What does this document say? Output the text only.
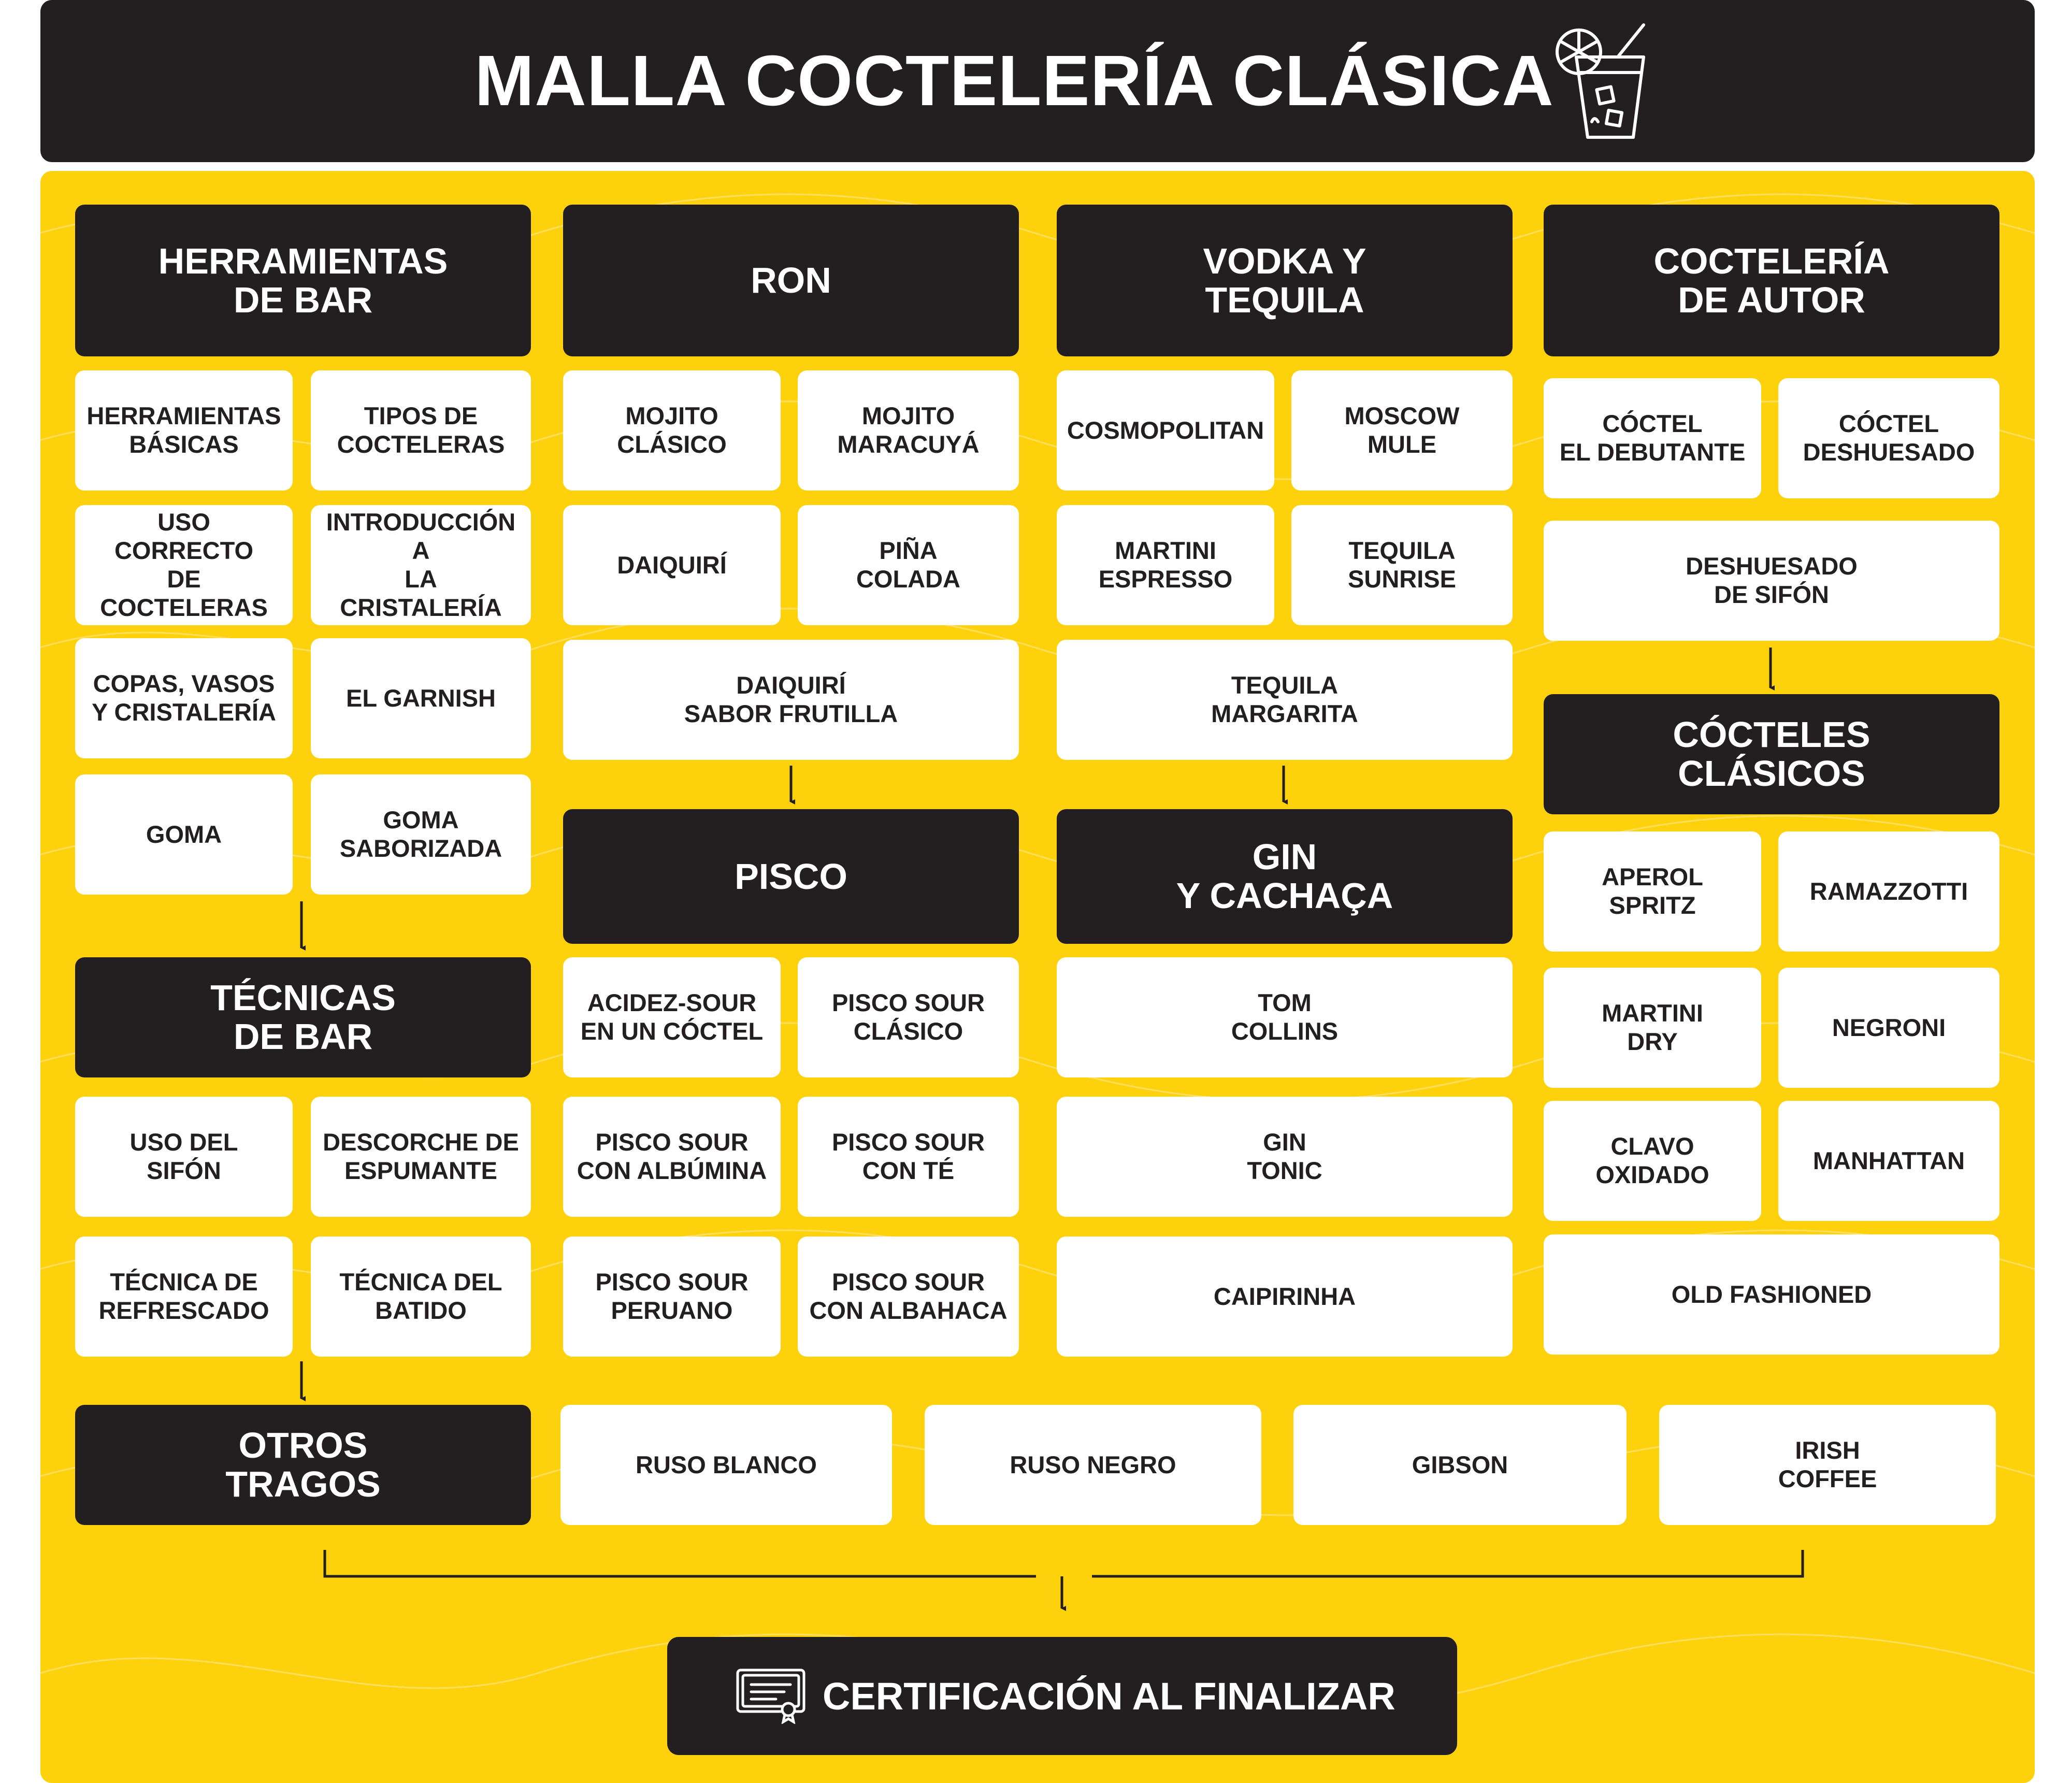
MALLA COCTELERÍA CLÁSICA
HERRAMIENTAS
DE BAR
HERRAMIENTAS
BÁSICAS
TIPOS DE
COCTELERAS
USO CORRECTO
DE COCTELERAS
INTRODUCCIÓN A
LA CRISTALERÍA
COPAS, VASOS
Y CRISTALERÍA
EL GARNISH
GOMA
GOMA
SABORIZADA
TÉCNICAS
DE BAR
USO DEL
SIFÓN
DESCORCHE DE
ESPUMANTE
TÉCNICA DE
REFRESCADO
TÉCNICA DEL
BATIDO
RON
MOJITO
CLÁSICO
MOJITO
MARACUYÁ
DAIQUIRÍ
PIÑA
COLADA
DAIQUIRÍ
SABOR FRUTILLA
PISCO
ACIDEZ-SOUR
EN UN CÓCTEL
PISCO SOUR
CLÁSICO
PISCO SOUR
CON ALBÚMINA
PISCO SOUR
CON TÉ
PISCO SOUR
PERUANO
PISCO SOUR
CON ALBAHACA
VODKA Y
TEQUILA
COSMOPOLITAN
MOSCOW
MULE
MARTINI
ESPRESSO
TEQUILA
SUNRISE
TEQUILA
MARGARITA
GIN
Y CACHAÇA
TOM
COLLINS
GIN
TONIC
CAIPIRINHA
COCTELERÍA
DE AUTOR
CÓCTEL
EL DEBUTANTE
CÓCTEL
DESHUESADO
DESHUESADO
DE SIFÓN
CÓCTELES
CLÁSICOS
APEROL
SPRITZ
RAMAZZOTTI
MARTINI
DRY
NEGRONI
CLAVO
OXIDADO
MANHATTAN
OLD FASHIONED
OTROS
TRAGOS	RUSO BLANCO	RUSO NEGRO	GIBSON
IRISH
COFFEE
CERTIFICACIÓN AL FINALIZAR
